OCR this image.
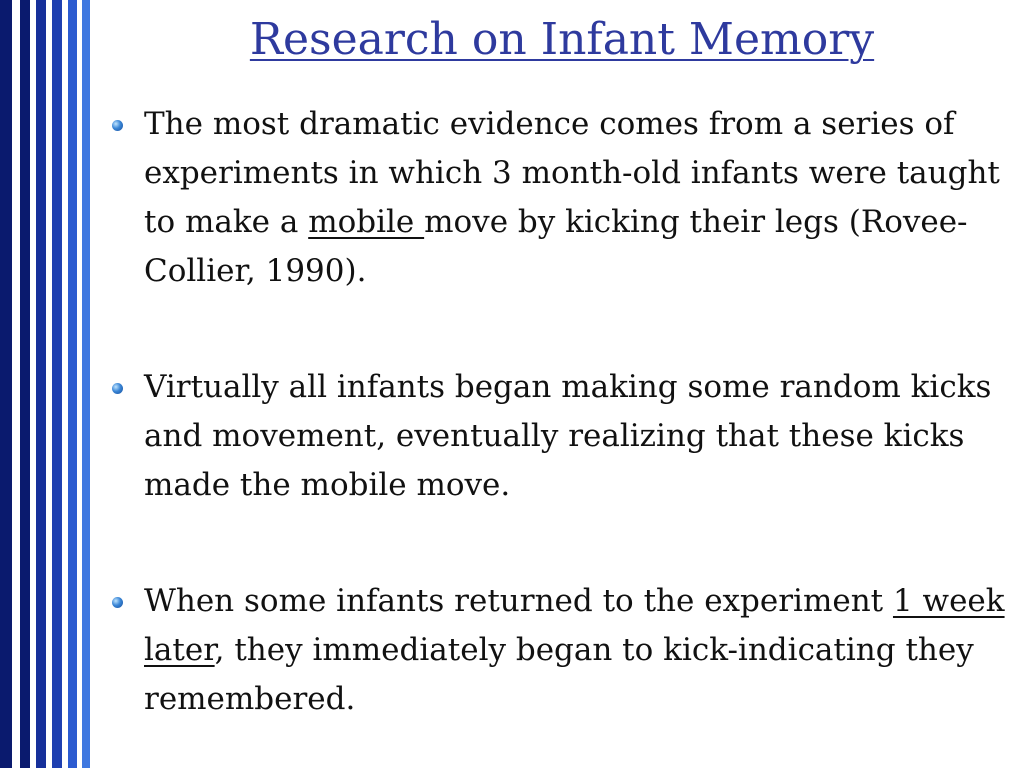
Research on Infant Memory
The most dramatic evidence comes from a series of experiments in which 3 month-old infants were taught to make a mobile move by kicking their legs (Rovee-Collier, 1990).
Virtually all infants began making some random kicks and movement, eventually realizing that these kicks made the mobile move.
When some infants returned to the experiment 1 week later, they immediately began to kick-indicating they remembered.
